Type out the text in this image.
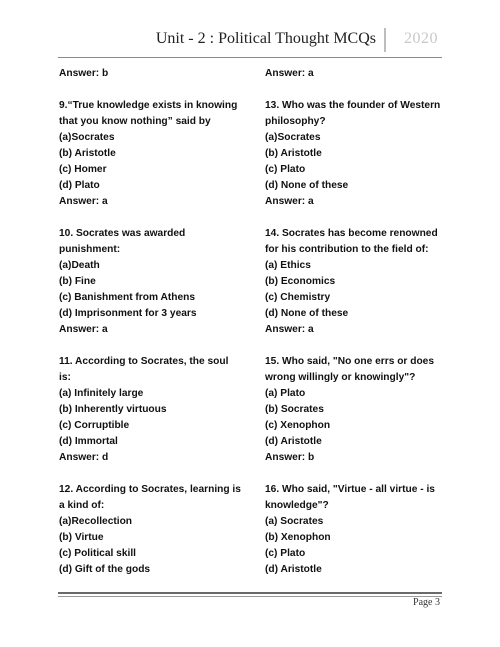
Unit - 2 : Political Thought MCQs 2020
Answer: b
9.“True knowledge exists in knowing
that you know nothing” said by
(a)Socrates
(b) Aristotle
(c) Homer
(d) Plato
Answer: a
10. Socrates was awarded
punishment:
(a)Death
(b) Fine
(c) Banishment from Athens
(d) Imprisonment for 3 years
Answer: a
11. According to Socrates, the soul
is:
(a) Infinitely large
(b) Inherently virtuous
(c) Corruptible
(d) Immortal
Answer: d
12. According to Socrates, learning is
a kind of:
(a)Recollection
(b) Virtue
(c) Political skill
(d) Gift of the gods
Answer: a
13. Who was the founder of Western
philosophy?
(a)Socrates
(b) Aristotle
(c) Plato
(d) None of these
Answer: a
14. Socrates has become renowned
for his contribution to the field of:
(a) Ethics
(b) Economics
(c) Chemistry
(d) None of these
Answer: a
15. Who said, "No one errs or does
wrong willingly or knowingly"?
(a) Plato
(b) Socrates
(c) Xenophon
(d) Aristotle
Answer: b
16. Who said, "Virtue - all virtue - is
knowledge"?
(a) Socrates
(b) Xenophon
(c) Plato
(d) Aristotle
Page 3
